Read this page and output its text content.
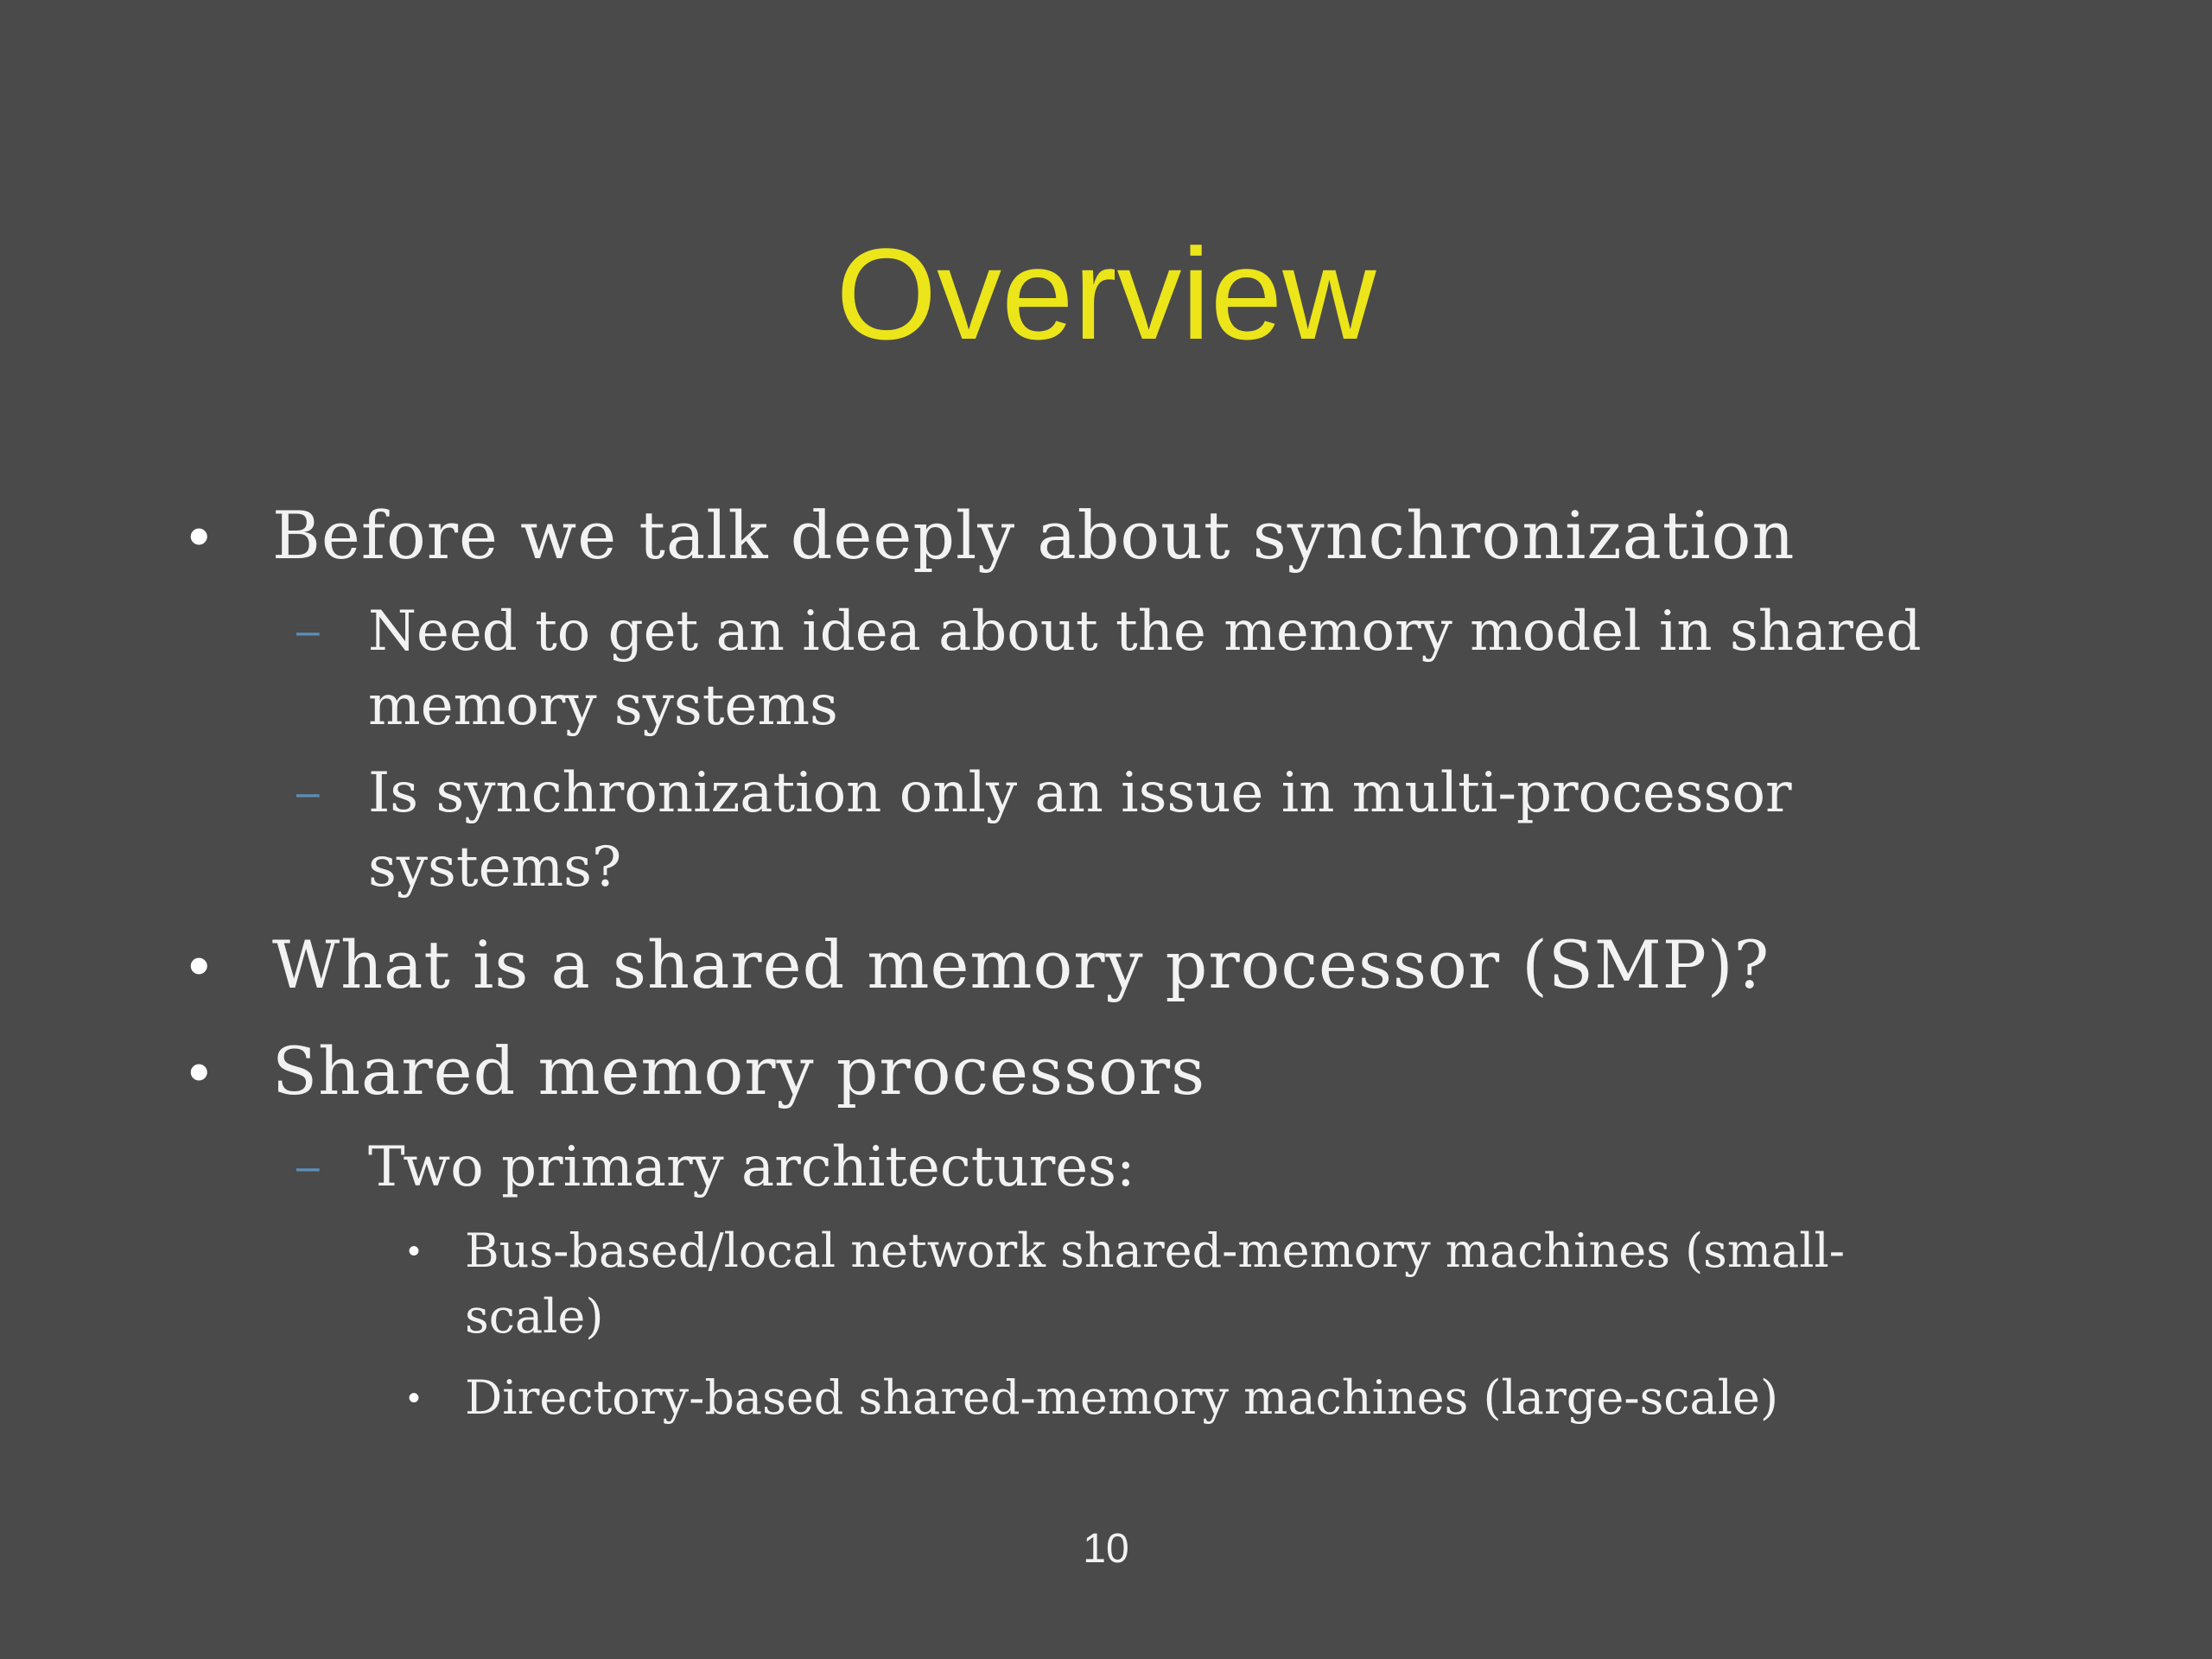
Overview
• Before we talk deeply about synchronization
– Need to get an idea about the memory model in shared
memory systems
– Is synchronization only an issue in multi-processor
systems?
• What is a shared memory processor (SMP)?
• Shared memory processors
– Two primary architectures:
• Bus-based/local network shared-memory machines (small-
scale)
• Directory-based shared-memory machines (large-scale)
10
